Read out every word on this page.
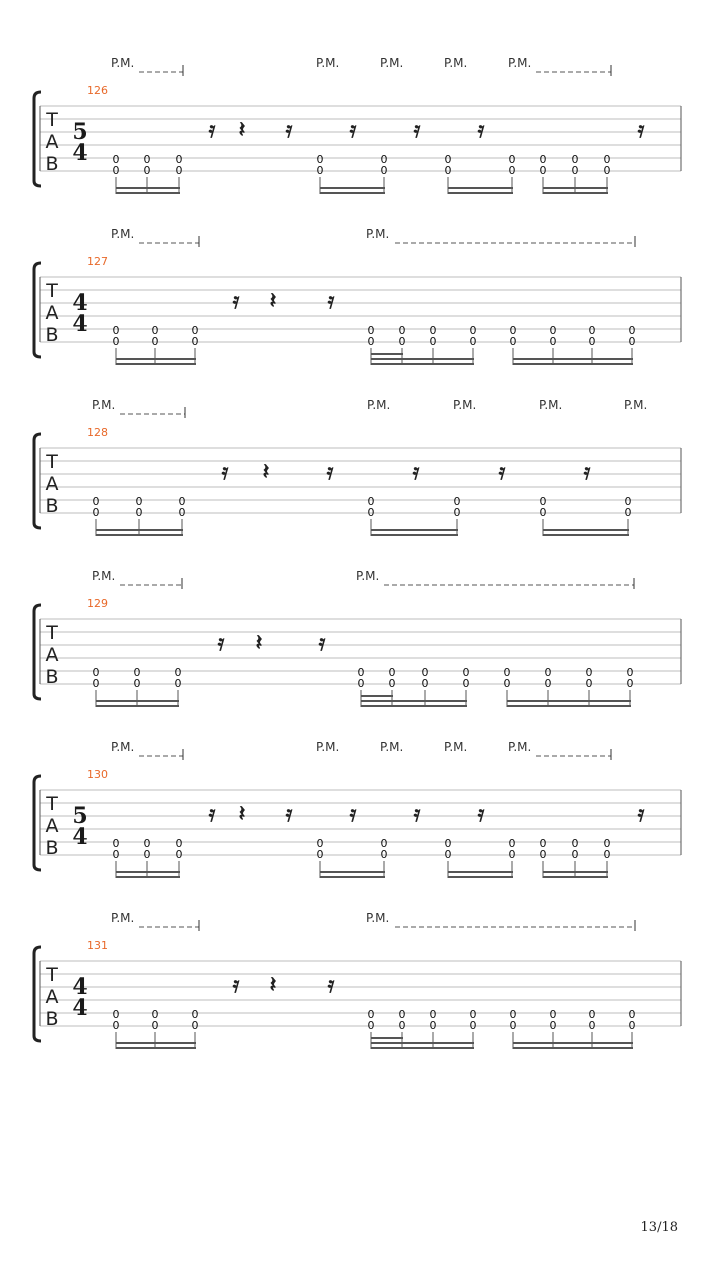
T
A
B
5
4
126
P.M.	P.M.	P.M.	P.M.	P.M.
𝄿 𝄽 𝄿	𝄿	𝄿	𝄿	𝄿
0
0
0
0
0
0
0
0
0
0
0
0
0
0
0
0
0
0
0
0
T
A
B
4
4
127
P.M.	P.M.
𝄿 𝄽 𝄿
0
0
0
0
0
0
0
0
0
0
0
0
0
0
0
0
0
0
0
0
0
0
T
A
B
128
P.M.	P.M.	P.M.	P.M.	P.M.
𝄿 𝄽	𝄿	𝄿	𝄿	𝄿
0
0
0
0
0
0
0
0
0
0
0
0
0
0
T
A
B
129
P.M.	P.M.
𝄿 𝄽	𝄿
0
0
0
0
0
0
0
0
0
0
0
0
0
0
0
0
0
0
0
0
0
0
T
A
B
5
4
130
P.M.	P.M.	P.M.	P.M.	P.M.
𝄿 𝄽 𝄿	𝄿	𝄿	𝄿	𝄿
0
0
0
0
0
0
0
0
0
0
0
0
0
0
0
0
0
0
0
0
T
A
B
4
4
131
P.M.	P.M.
𝄿 𝄽 𝄿
0
0
0
0
0
0
0
0
0
0
0
0
0
0
0
0
0
0
0
0
0
0
13/18
